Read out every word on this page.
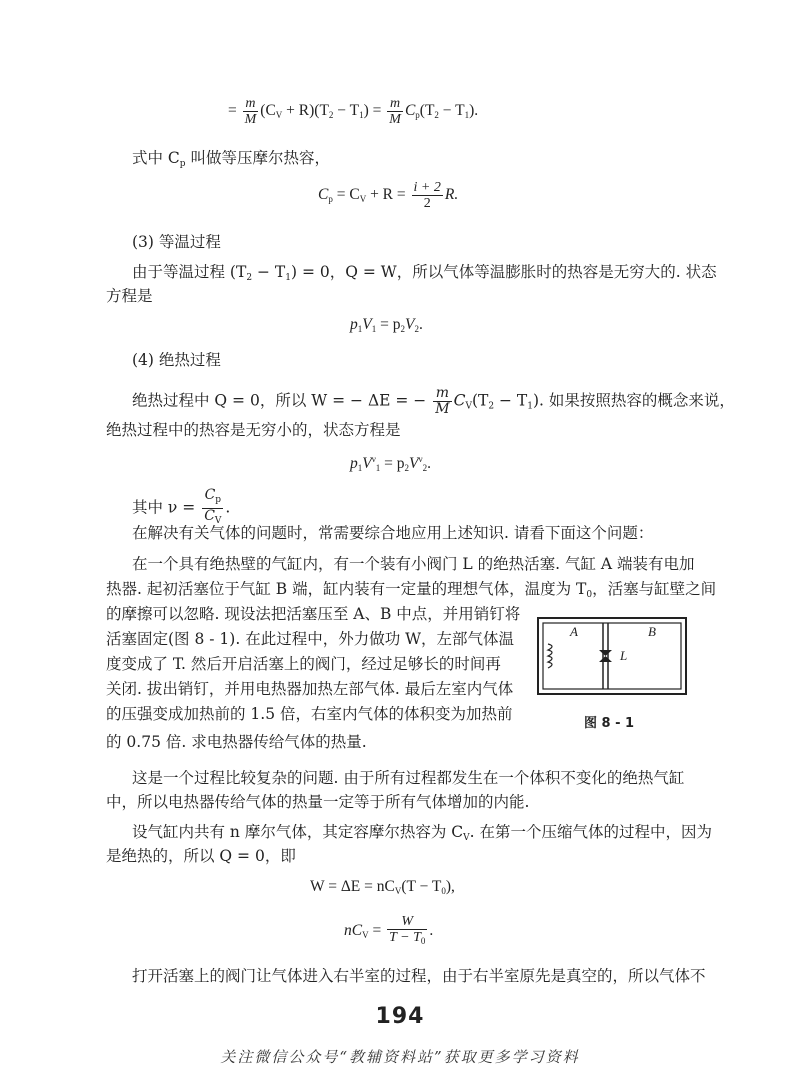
= $\frac{m}{M} (C_V + R)(T_2 - T_1) = \frac{m}{M} C_p(T_2 - T_1)$.
式中 $C_p$ 叫做等压摩尔热容，
$C_p = C_V + R = \frac{i + 2}{2} R$.
(3) 等温过程
由于等温过程 $(T_2 - T_1) = 0$，Q = W，所以气体等温膨胀时的热容是无穷大的. 状态
方程是
$p_1V_1 = p_2V_2$.
(4) 绝热过程
绝热过程中 Q = 0，所以 W = − ΔE = − $\frac{m}{M} C_V(T_2 - T_1)$. 如果按照热容的概念来说，
绝热过程中的热容是无穷小的，状态方程是
$p_1V^\nu_1 = p_2V^\nu_2$.
其中 $\nu = \frac{C_p}{C_V}$ .
在解决有关气体的问题时，常需要综合地应用上述知识. 请看下面这个问题：
在一个具有绝热壁的气缸内，有一个装有小阀门 L 的绝热活塞. 气缸 A 端装有电加
热器. 起初活塞位于气缸 B 端，缸内装有一定量的理想气体，温度为 $T_0$，活塞与缸壁之间
的摩擦可以忽略. 现设法把活塞压至 A、B 中点，并用销钉将
活塞固定(图 8 - 1). 在此过程中，外力做功 W，左部气体温
度变成了 T. 然后开启活塞上的阀门，经过足够长的时间再
关闭. 拔出销钉，并用电热器加热左部气体. 最后左室内气体
的压强变成加热前的 1.5 倍，右室内气体的体积变为加热前
的 0.75 倍. 求电热器传给气体的热量.
A	B
L
图 8 - 1
这是一个过程比较复杂的问题. 由于所有过程都发生在一个体积不变化的绝热气缸
中，所以电热器传给气体的热量一定等于所有气体增加的内能.
设气缸内共有 n 摩尔气体，其定容摩尔热容为 $C_V$. 在第一个压缩气体的过程中，因为
是绝热的，所以 Q = 0，即
$W = \Delta E = nC_V(T - T_0)$,
$nC_V = \frac{W}{T - T_0}$ .
打开活塞上的阀门让气体进入右半室的过程，由于右半室原先是真空的，所以气体不
194
关注微信公众号“教辅资料站”获取更多学习资料
